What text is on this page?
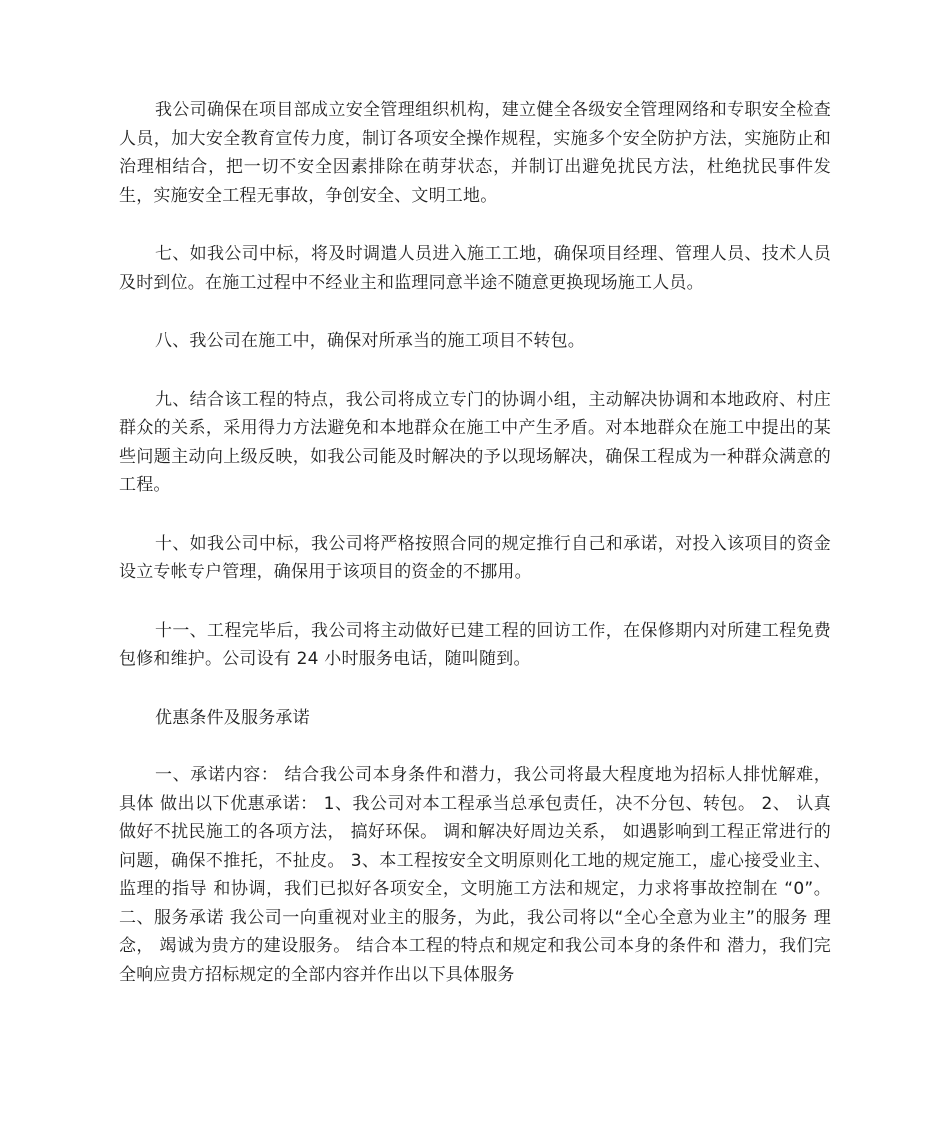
我公司确保在项目部成立安全管理组织机构，建立健全各级安全管理网络和专职安全检查人员，加大安全教育宣传力度，制订各项安全操作规程，实施多个安全防护方法，实施防止和治理相结合，把一切不安全因素排除在萌芽状态，并制订出避免扰民方法，杜绝扰民事件发生，实施安全工程无事故，争创安全、文明工地。

七、如我公司中标，将及时调遣人员进入施工工地，确保项目经理、管理人员、技术人员及时到位。在施工过程中不经业主和监理同意半途不随意更换现场施工人员。

八、我公司在施工中，确保对所承当的施工项目不转包。

九、结合该工程的特点，我公司将成立专门的协调小组，主动解决协调和本地政府、村庄群众的关系，采用得力方法避免和本地群众在施工中产生矛盾。对本地群众在施工中提出的某些问题主动向上级反映，如我公司能及时解决的予以现场解决，确保工程成为一种群众满意的工程。

十、如我公司中标，我公司将严格按照合同的规定推行自己和承诺，对投入该项目的资金设立专帐专户管理，确保用于该项目的资金的不挪用。

十一、工程完毕后，我公司将主动做好已建工程的回访工作，在保修期内对所建工程免费包修和维护。公司设有 24 小时服务电话，随叫随到。

优惠条件及服务承诺

一、承诺内容： 结合我公司本身条件和潜力，我公司将最大程度地为招标人排忧解难，具体 做出以下优惠承诺： 1、我公司对本工程承当总承包责任，决不分包、转包。 2、 认真做好不扰民施工的各项方法， 搞好环保。 调和解决好周边关系， 如遇影响到工程正常进行的问题，确保不推托，不扯皮。 3、本工程按安全文明原则化工地的规定施工，虚心接受业主、监理的指导 和协调，我们已拟好各项安全，文明施工方法和规定，力求将事故控制在 “0”。 二、服务承诺 我公司一向重视对业主的服务，为此，我公司将以“全心全意为业主”的服务 理念， 竭诚为贵方的建设服务。 结合本工程的特点和规定和我公司本身的条件和 潜力，我们完全响应贵方招标规定的全部内容并作出以下具体服务
